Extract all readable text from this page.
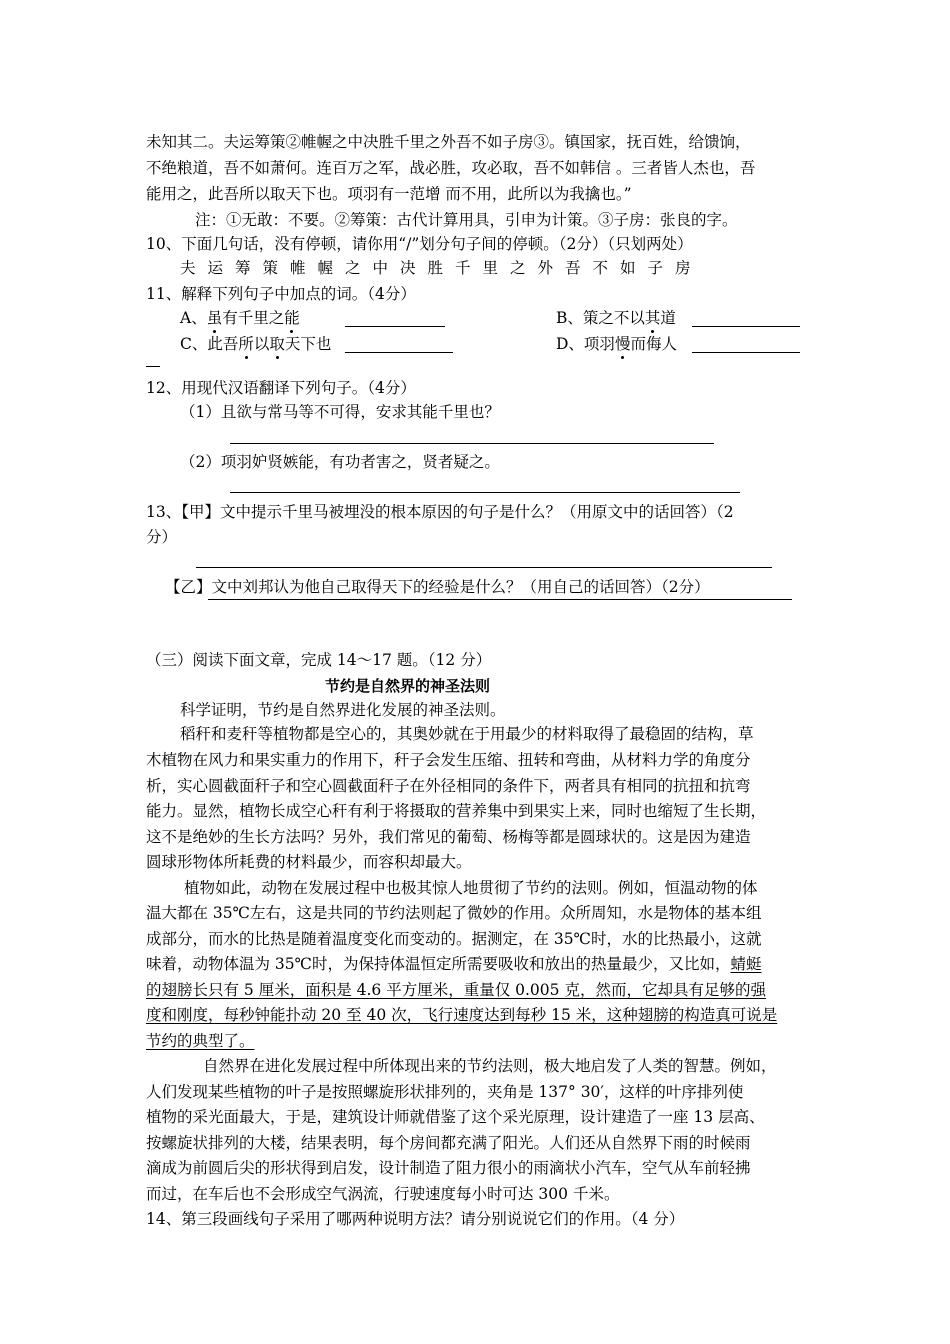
未知其二。夫运筹策②帷幄之中决胜千里之外吾不如子房③。镇国家，抚百姓，给馈饷，
不绝粮道，吾不如萧何。连百万之军，战必胜，攻必取，吾不如韩信 。三者皆人杰也，吾
能用之，此吾所以取天下也。项羽有一范增 而不用，此所以为我擒也。”
注：①无敢：不要。②筹策：古代计算用具，引申为计策。③子房：张良的字。
10、下面几句话，没有停顿，请你用“/”划分句子间的停顿。（2分）（只划两处）
夫运筹策帷幄之中决胜千里之外吾不如子房
11、解释下列句子中加点的词。（4分）
A、虽有千里之能	B、策之不以其道
C、此吾所以取天下也	D、项羽慢而侮人
12、用现代汉语翻译下列句子。（4分）
（1）且欲与常马等不可得，安求其能千里也？
（2）项羽妒贤嫉能，有功者害之，贤者疑之。
13、【甲】文中提示千里马被埋没的根本原因的句子是什么？（用原文中的话回答）（2
分）
【乙】文中刘邦认为他自己取得天下的经验是什么？（用自己的话回答）（2分）
（三）阅读下面文章，完成 14～17 题。（12 分）
节约是自然界的神圣法则
科学证明，节约是自然界进化发展的神圣法则。
稻秆和麦秆等植物都是空心的，其奥妙就在于用最少的材料取得了最稳固的结构，草
木植物在风力和果实重力的作用下，秆子会发生压缩、扭转和弯曲，从材料力学的角度分
析，实心圆截面秆子和空心圆截面秆子在外径相同的条件下，两者具有相同的抗扭和抗弯
能力。显然，植物长成空心秆有利于将摄取的营养集中到果实上来，同时也缩短了生长期，
这不是绝妙的生长方法吗？另外，我们常见的葡萄、杨梅等都是圆球状的。这是因为建造
圆球形物体所耗费的材料最少，而容积却最大。
植物如此，动物在发展过程中也极其惊人地贯彻了节约的法则。例如，恒温动物的体
温大都在 35℃左右，这是共同的节约法则起了微妙的作用。众所周知，水是物体的基本组
成部分，而水的比热是随着温度变化而变动的。据测定，在 35℃时，水的比热最小，这就
味着，动物体温为 35℃时，为保持体温恒定所需要吸收和放出的热量最少，又比如，蜻蜓
的翅膀长只有 5 厘米，面积是 4.6 平方厘米，重量仅 0.005 克，然而，它却具有足够的强
度和刚度，每秒钟能扑动 20 至 40 次，飞行速度达到每秒 15 米，这种翅膀的构造真可说是
节约的典型了。
自然界在进化发展过程中所体现出来的节约法则，极大地启发了人类的智慧。例如，
人们发现某些植物的叶子是按照螺旋形状排列的，夹角是 137° 30′，这样的叶序排列使
植物的采光面最大，于是，建筑设计师就借鉴了这个采光原理，设计建造了一座 13 层高、
按螺旋状排列的大楼，结果表明，每个房间都充满了阳光。人们还从自然界下雨的时候雨
滴成为前圆后尖的形状得到启发，设计制造了阻力很小的雨滴状小汽车，空气从车前轻拂
而过，在车后也不会形成空气涡流，行驶速度每小时可达 300 千米。
14、第三段画线句子采用了哪两种说明方法？请分别说说它们的作用。（4 分）
